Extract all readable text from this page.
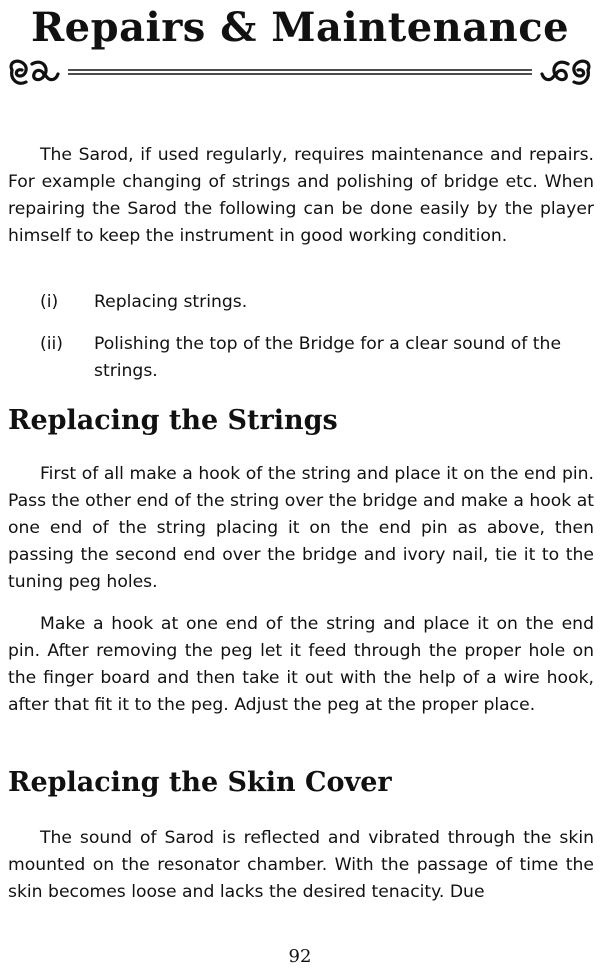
Repairs & Maintenance

The Sarod, if used regularly, requires maintenance and repairs. For example changing of strings and polishing of bridge etc. When repairing the Sarod the following can be done easily by the player himself to keep the instrument in good working condition.

(i) Replacing strings.
(ii) Polishing the top of the Bridge for a clear sound of the strings.
Replacing the Strings

First of all make a hook of the string and place it on the end pin. Pass the other end of the string over the bridge and make a hook at one end of the string placing it on the end pin as above, then passing the second end over the bridge and ivory nail, tie it to the tuning peg holes.

Make a hook at one end of the string and place it on the end pin. After removing the peg let it feed through the proper hole on the finger board and then take it out with the help of a wire hook, after that fit it to the peg. Adjust the peg at the proper place.

Replacing the Skin Cover

The sound of Sarod is reflected and vibrated through the skin mounted on the resonator chamber. With the passage of time the skin becomes loose and lacks the desired tenacity. Due

92
